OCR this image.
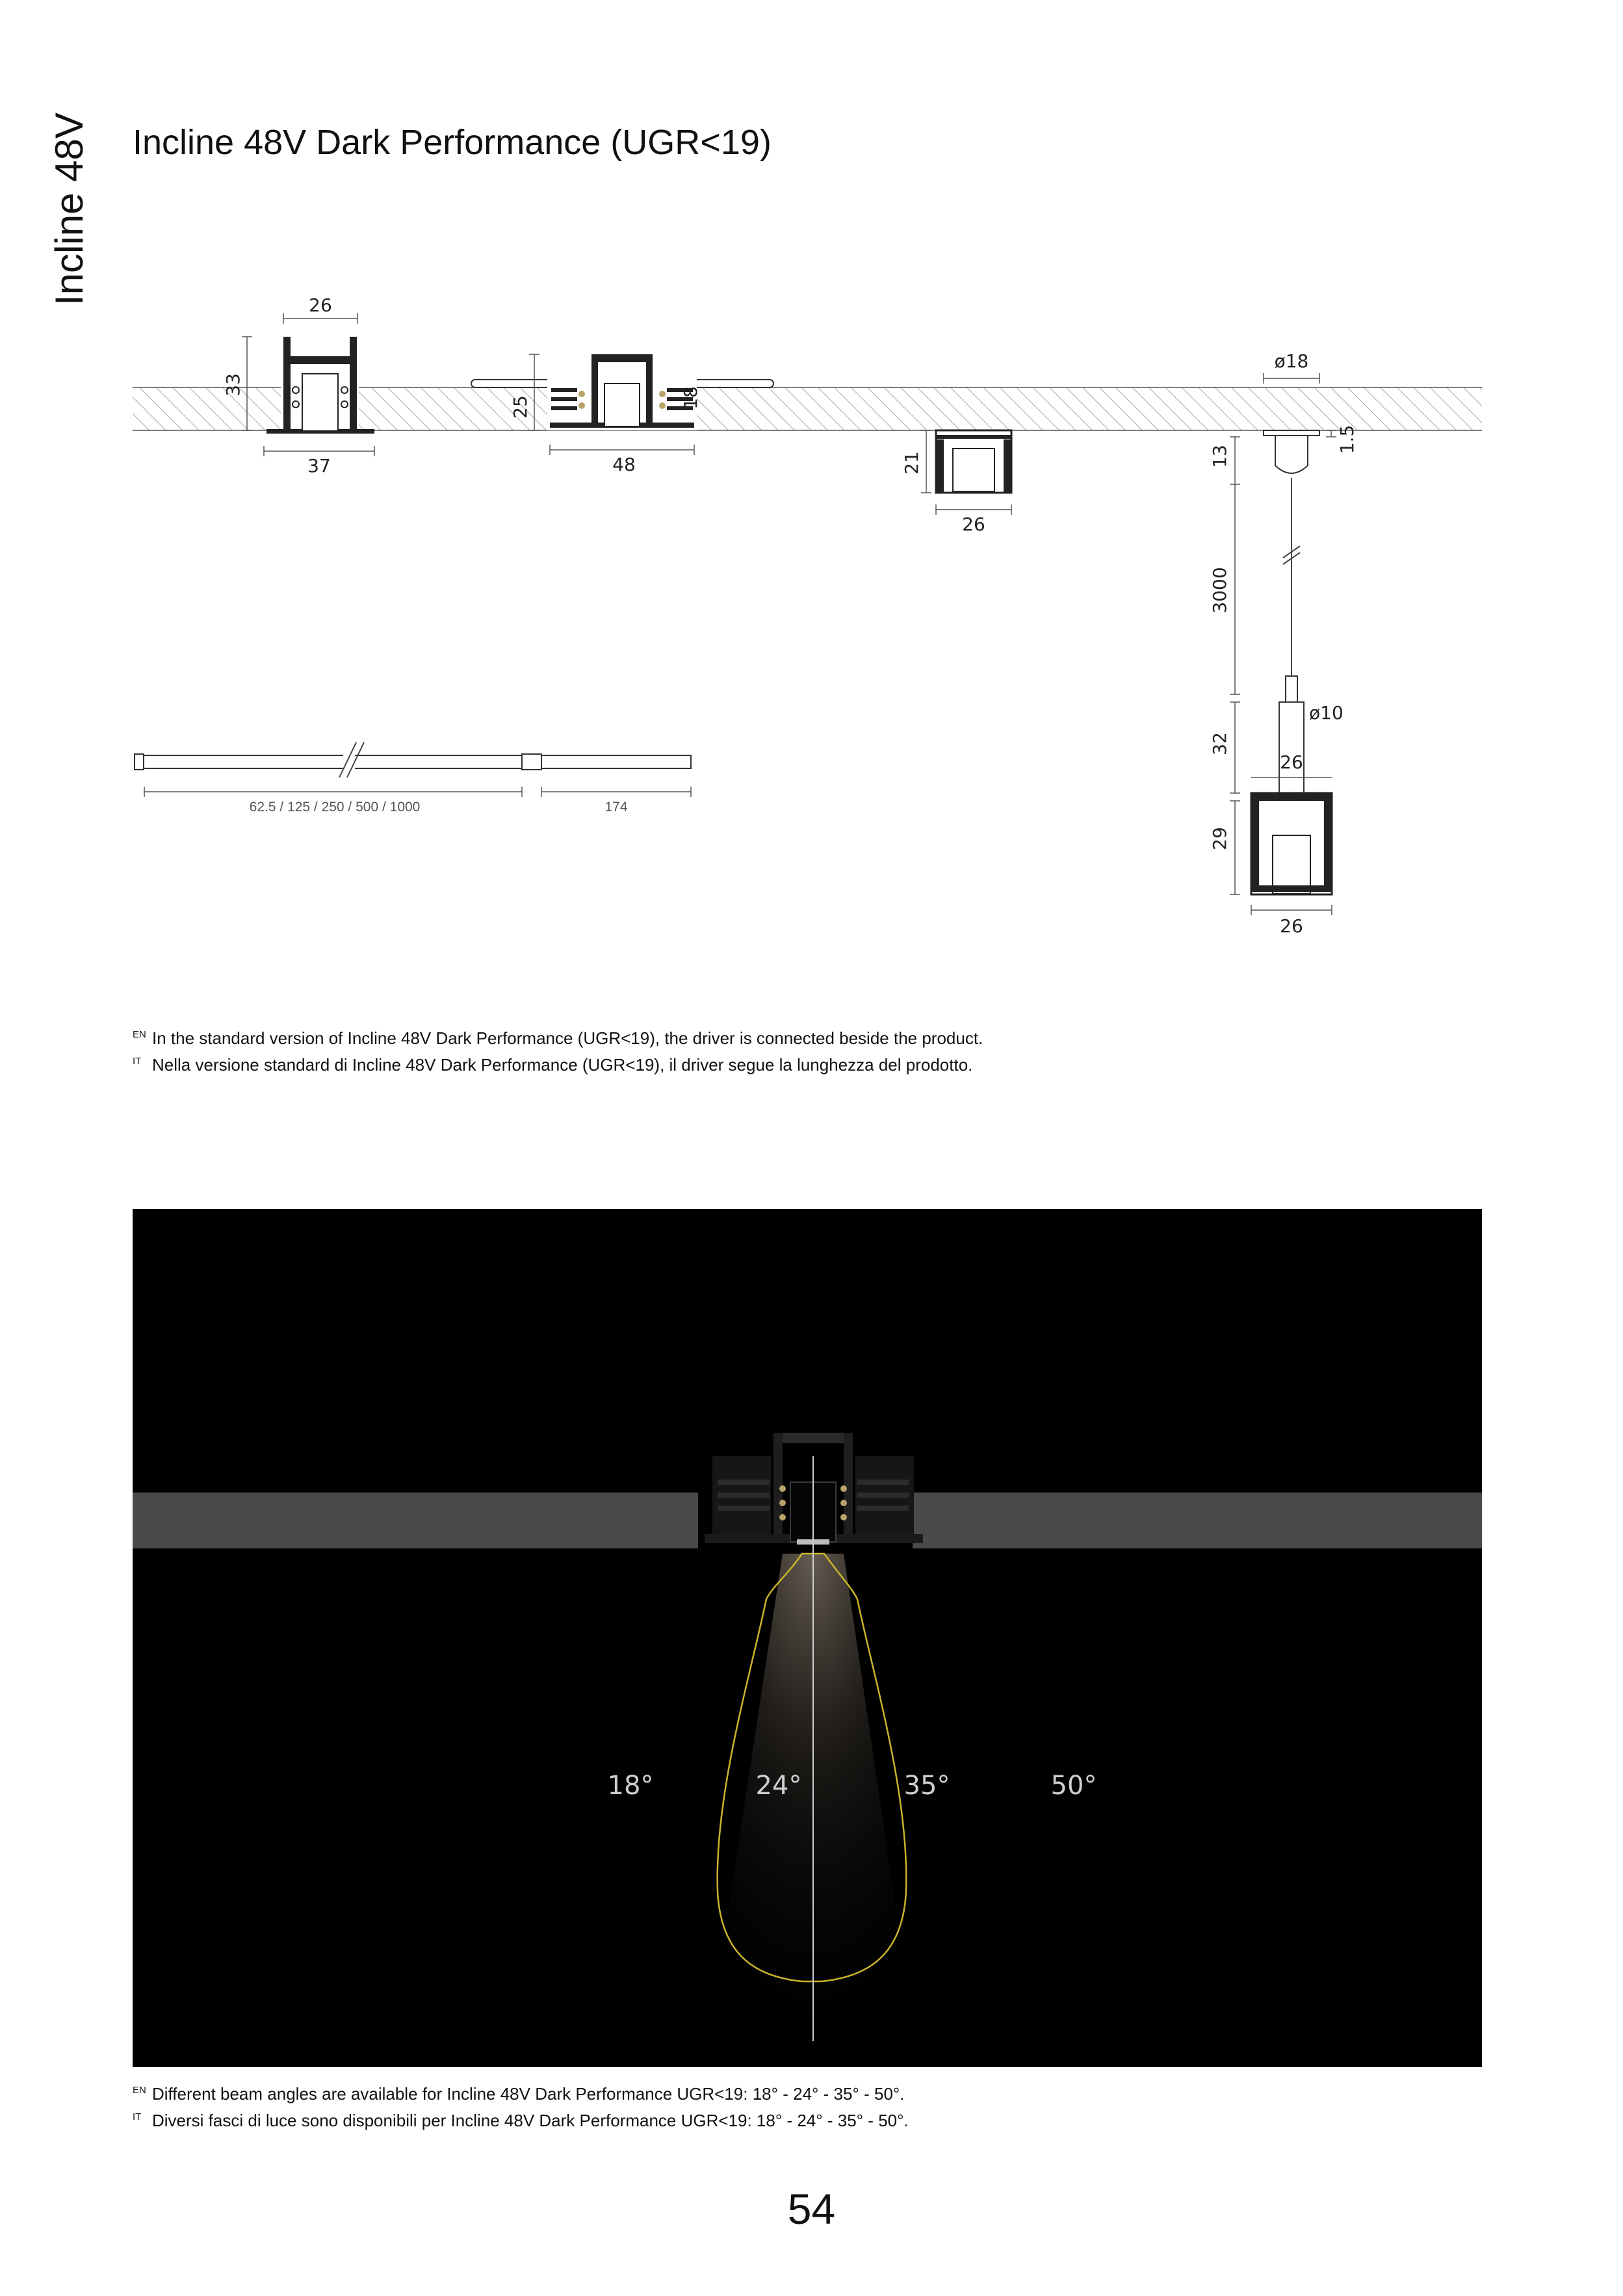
Incline 48V Incline 48V Dark Performance (UGR<19)
26
33
37
25	18
48	21
26
ø18
1.5
13
3000
ø10
32
26
29
26
62.5 / 125 / 250 / 500 / 1000	174
$^{EN}$ In the standard version of Incline 48V Dark Performance (UGR<19), the driver is connected beside the product.
$^{IT}$ Nella versione standard di Incline 48V Dark Performance (UGR<19), il driver segue la lunghezza del prodotto.
18°	24°	35°	50°
$^{EN}$ Different beam angles are available for Incline 48V Dark Performance UGR<19: 18° - 24° - 35° - 50°.
$^{IT}$ Diversi fasci di luce sono disponibili per Incline 48V Dark Performance UGR<19: 18° - 24° - 35° - 50°.
54
